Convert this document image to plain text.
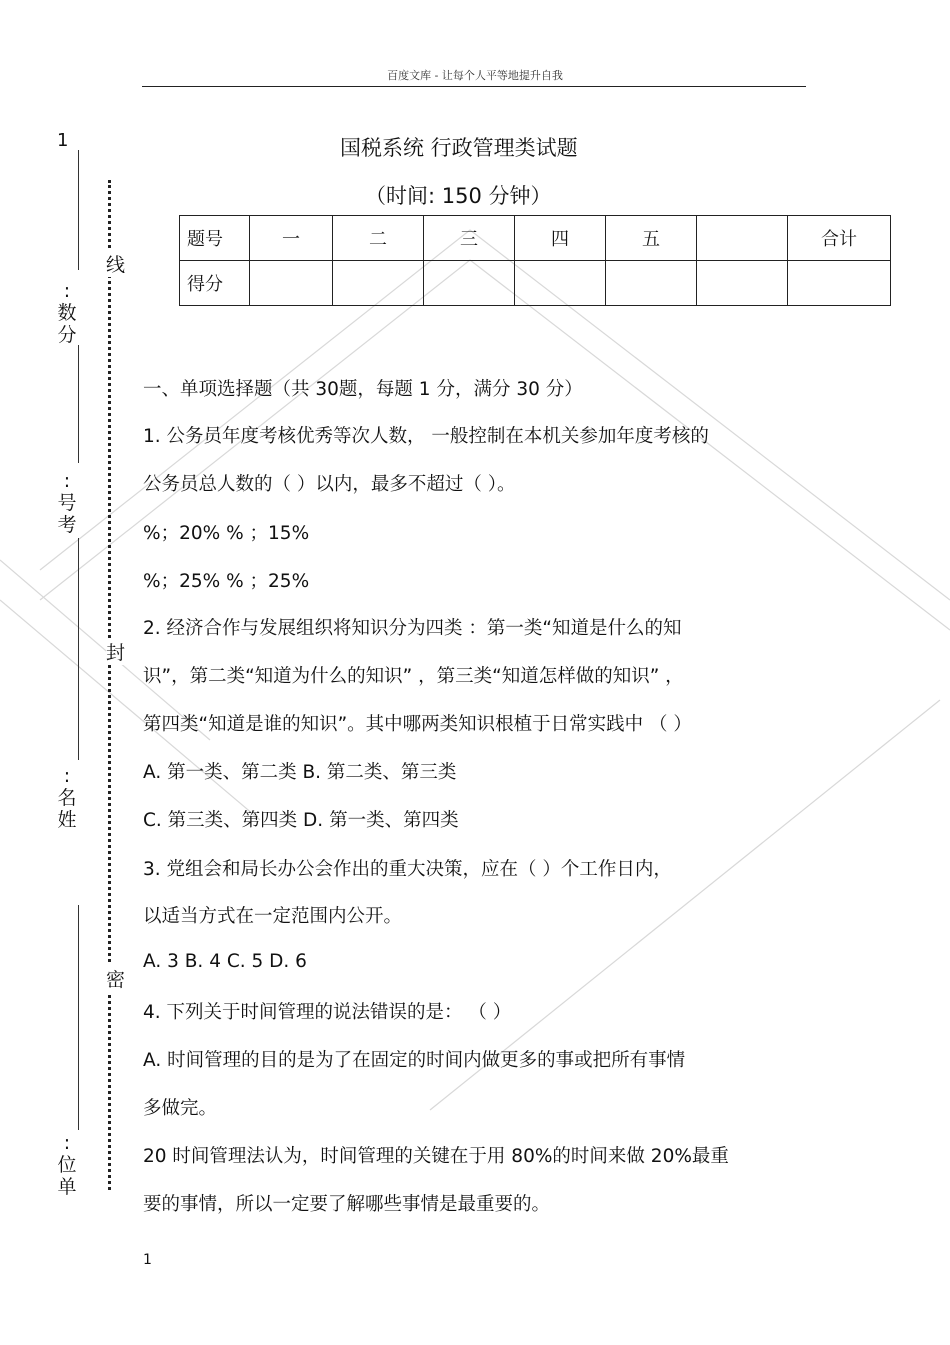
百度文库 - 让每个人平等地提升自我
1
:数分
:号考
:名姓
:位单
线
封
密
国税系统 行政管理类试题
（时间: 150 分钟）
题号	一	二	三	四	五		合计
得分							
一、单项选择题（共 30题，每题 1 分，满分 30 分）
1. 公务员年度考核优秀等次人数， 一般控制在本机关参加年度考核的
公务员总人数的（ ）以内，最多不超过（ ）。
%；20% % ；15%
%；25% % ；25%
2. 经济合作与发展组织将知识分为四类 ：第一类“知道是什么的知
识”，第二类“知道为什么的知识” ，第三类“知道怎样做的知识” ，
第四类“知道是谁的知识”。其中哪两类知识根植于日常实践中 （ ）
A. 第一类、第二类 B. 第二类、第三类
C. 第三类、第四类 D. 第一类、第四类
3. 党组会和局长办公会作出的重大决策，应在（ ）个工作日内，
以适当方式在一定范围内公开。
A. 3 B. 4 C. 5 D. 6
4. 下列关于时间管理的说法错误的是： （ ）
A. 时间管理的目的是为了在固定的时间内做更多的事或把所有事情
多做完。
20 时间管理法认为，时间管理的关键在于用 80%的时间来做 20%最重
要的事情，所以一定要了解哪些事情是最重要的。
1
